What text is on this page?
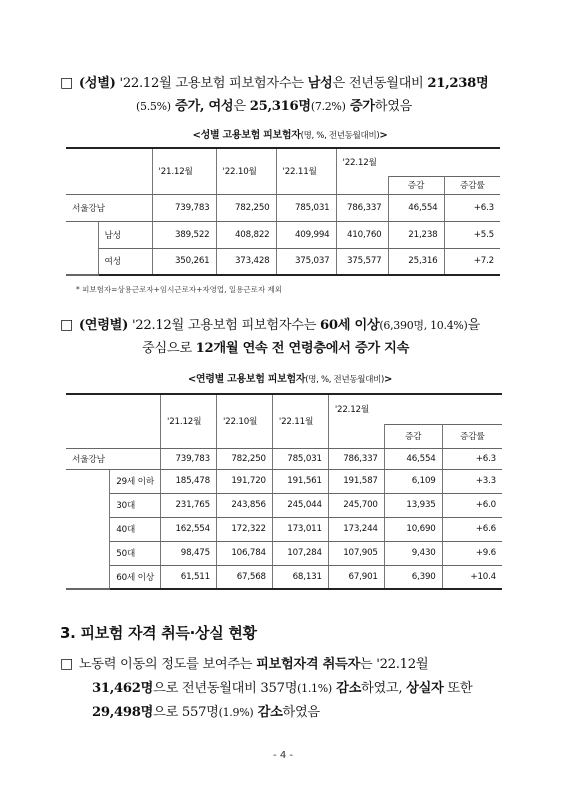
□ (성별) '22.12월 고용보험 피보험자수는 남성은 전년동월대비 21,238명
(5.5%) 증가, 여성은 25,316명(7.2%) 증가하였음
<성별 고용보험 피보험자(명, %, 전년동월대비)>
		'21.12월	'22.10월	'22.11월	'22.12월		
						증감	증감률
서울강남		739,783	782,250	785,031	786,337	46,554	+6.3
	남성	389,522	408,822	409,994	410,760	21,238	+5.5
	여성	350,261	373,428	375,037	375,577	25,316	+7.2
* 피보험자=상용근로자+임시근로자+자영업, 일용근로자 제외
□ (연령별) '22.12월 고용보험 피보험자수는 60세 이상(6,390명, 10.4%)을
중심으로 12개월 연속 전 연령층에서 증가 지속
<연령별 고용보험 피보험자(명, %, 전년동월대비)>
		'21.12월	'22.10월	'22.11월	'22.12월		
						증감	증감률
서울강남		739,783	782,250	785,031	786,337	46,554	+6.3
	29세 이하	185,478	191,720	191,561	191,587	6,109	+3.3
	30대	231,765	243,856	245,044	245,700	13,935	+6.0
	40대	162,554	172,322	173,011	173,244	10,690	+6.6
	50대	98,475	106,784	107,284	107,905	9,430	+9.6
	60세 이상	61,511	67,568	68,131	67,901	6,390	+10.4
3. 피보험 자격 취득·상실 현황
□ 노동력 이동의 정도를 보여주는 피보험자격 취득자는 '22.12월
31,462명으로 전년동월대비 357명(1.1%) 감소하였고, 상실자 또한
29,498명으로 557명(1.9%) 감소하였음
- 4 -
